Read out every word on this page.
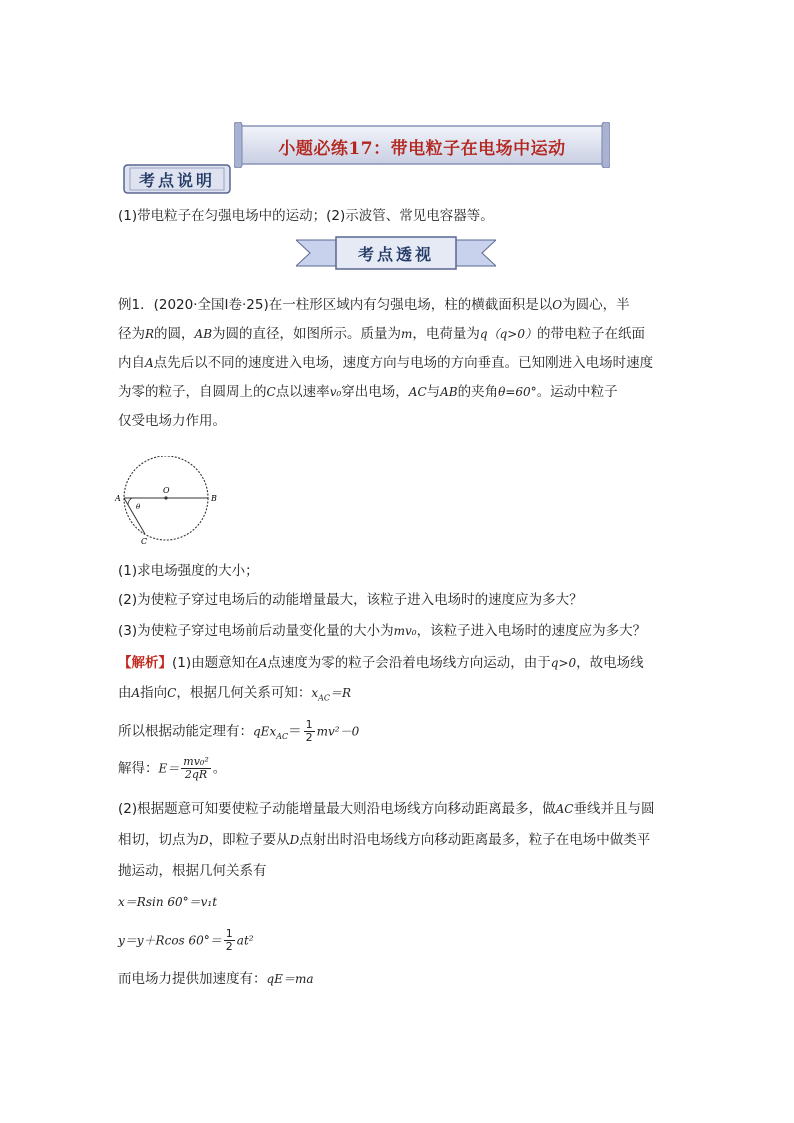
小题必练17：带电粒子在电场中运动
考点说明
(1)带电粒子在匀强电场中的运动；(2)示波管、常见电容器等。
考点透视
例1．(2020·全国Ⅰ卷·25)在一柱形区域内有匀强电场，柱的横截面积是以O为圆心，半
径为R的圆，AB为圆的直径，如图所示。质量为m，电荷量为q（q>0）的带电粒子在纸面
内自A点先后以不同的速度进入电场，速度方向与电场的方向垂直。已知刚进入电场时速度
为零的粒子，自圆周上的C点以速率v₀穿出电场，AC与AB的夹角θ=60°。运动中粒子
仅受电场力作用。
A	B
O
C
θ
(1)求电场强度的大小；
(2)为使粒子穿过电场后的动能增量最大，该粒子进入电场时的速度应为多大？
(3)为使粒子穿过电场前后动量变化量的大小为mv₀，该粒子进入电场时的速度应为多大？
【解析】(1)由题意知在A点速度为零的粒子会沿着电场线方向运动，由于q>0，故电场线
由A指向C，根据几何关系可知：$x_{AC}=R$
所以根据动能定理有：$qEx_{AC}= \frac{1}{2} mv^2-0$
解得：$E= \frac{\text{mv₀²}}{2qR}$ 。
(2)根据题意可知要使粒子动能增量最大则沿电场线方向移动距离最多，做AC垂线并且与圆
相切，切点为D，即粒子要从D点射出时沿电场线方向移动距离最多，粒子在电场中做类平
抛运动，根据几何关系有
x＝Rsin 60°＝v₁t
y＝y＋Rcos $60^\circ= \frac{1}{2} at^2$
而电场力提供加速度有：qE＝ma
